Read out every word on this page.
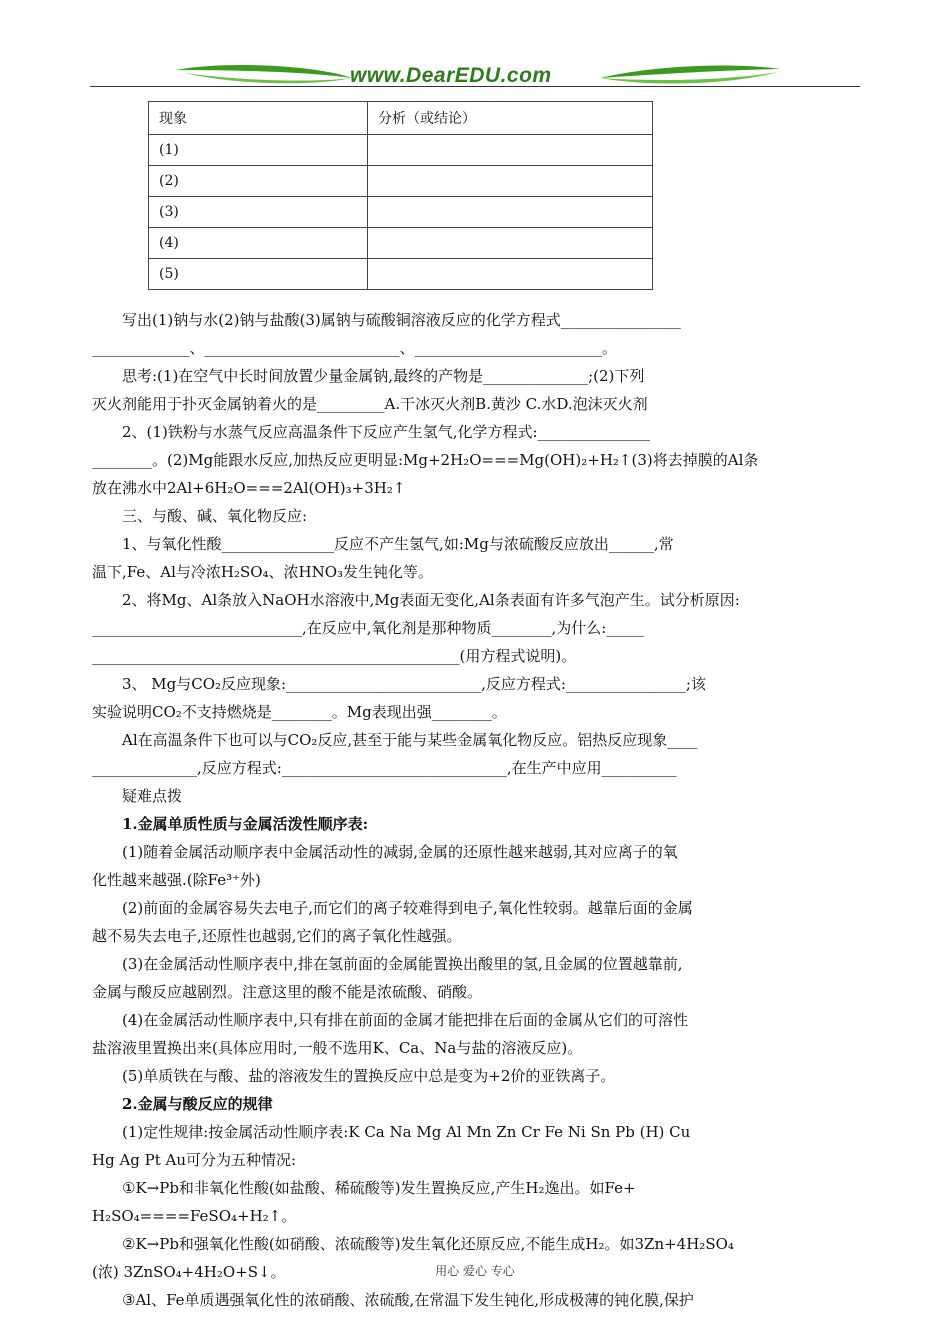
www.DearEDU.com
现象	分析（或结论）
(1)	
(2)	
(3)	
(4)	
(5)	
写出(1)钠与水(2)钠与盐酸(3)属钠与硫酸铜溶液反应的化学方程式________________
_____________、__________________________、_________________________。
思考:(1)在空气中长时间放置少量金属钠,最终的产物是______________;(2)下列
灭火剂能用于扑灭金属钠着火的是_________A.干冰灭火剂B.黄沙 C.水D.泡沫灭火剂
2、(1)铁粉与水蒸气反应高温条件下反应产生氢气,化学方程式:_______________
________。(2)Mg能跟水反应,加热反应更明显:Mg+2H₂O===Mg(OH)₂+H₂↑(3)将去掉膜的Al条
放在沸水中2Al+6H₂O===2Al(OH)₃+3H₂↑
三、与酸、碱、氧化物反应:
1、与氧化性酸_______________反应不产生氢气,如:Mg与浓硫酸反应放出______,常
温下,Fe、Al与冷浓H₂SO₄、浓HNO₃发生钝化等。
2、将Mg、Al条放入NaOH水溶液中,Mg表面无变化,Al条表面有许多气泡产生。试分析原因:
____________________________,在反应中,氧化剂是那种物质________,为什么:_____
_________________________________________________(用方程式说明)。
3、 Mg与CO₂反应现象:__________________________,反应方程式:________________;该
实验说明CO₂不支持燃烧是________。Mg表现出强________。
Al在高温条件下也可以与CO₂反应,甚至于能与某些金属氧化物反应。铝热反应现象____
______________,反应方程式:______________________________,在生产中应用__________
疑难点拨
1.金属单质性质与金属活泼性顺序表:
(1)随着金属活动顺序表中金属活动性的减弱,金属的还原性越来越弱,其对应离子的氧
化性越来越强.(除Fe³⁺外)
(2)前面的金属容易失去电子,而它们的离子较难得到电子,氧化性较弱。越靠后面的金属
越不易失去电子,还原性也越弱,它们的离子氧化性越强。
(3)在金属活动性顺序表中,排在氢前面的金属能置换出酸里的氢,且金属的位置越靠前,
金属与酸反应越剧烈。注意这里的酸不能是浓硫酸、硝酸。
(4)在金属活动性顺序表中,只有排在前面的金属才能把排在后面的金属从它们的可溶性
盐溶液里置换出来(具体应用时,一般不选用K、Ca、Na与盐的溶液反应)。
(5)单质铁在与酸、盐的溶液发生的置换反应中总是变为+2价的亚铁离子。
2.金属与酸反应的规律
(1)定性规律:按金属活动性顺序表:K Ca Na Mg Al Mn Zn Cr Fe Ni Sn Pb (H) Cu
Hg Ag Pt Au可分为五种情况:
①K→Pb和非氧化性酸(如盐酸、稀硫酸等)发生置换反应,产生H₂逸出。如Fe+
H₂SO₄====FeSO₄+H₂↑。
②K→Pb和强氧化性酸(如硝酸、浓硫酸等)发生氧化还原反应,不能生成H₂。如3Zn+4H₂SO₄
(浓) 3ZnSO₄+4H₂O+S↓。
③Al、Fe单质遇强氧化性的浓硝酸、浓硫酸,在常温下发生钝化,形成极薄的钝化膜,保护
用心 爱心 专心
